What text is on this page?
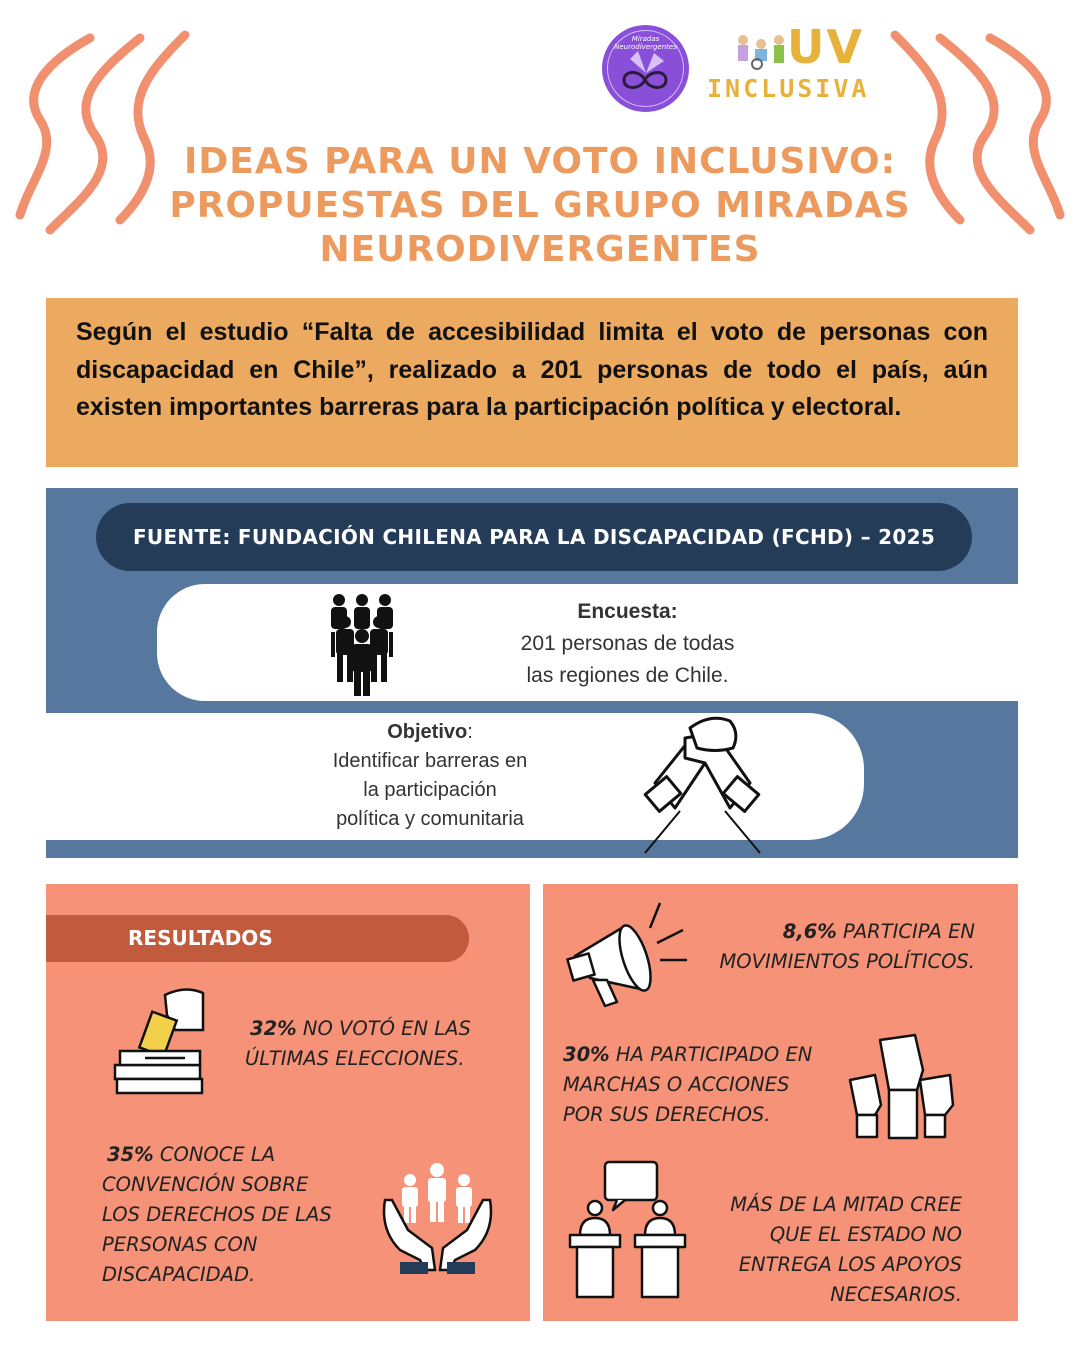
Miradas Neurodivergentes UV
INCLUSIVA
IDEAS PARA UN VOTO INCLUSIVO:
PROPUESTAS DEL GRUPO MIRADAS
NEURODIVERGENTES

Según el estudio “Falta de accesibilidad limita el voto de personas con discapacidad en Chile”, realizado a 201 personas de todo el país, aún existen importantes barreras para la participación política y electoral.

FUENTE: FUNDACIÓN CHILENA PARA LA DISCAPACIDAD (FCHD) – 2025
Encuesta:
201 personas de todas
las regiones de Chile.
Objetivo:
Identificar barreras en
la participación
política y comunitaria
RESULTADOS
32% NO VOTÓ EN LAS
ÚLTIMAS ELECCIONES.
35% CONOCE LA
CONVENCIÓN SOBRE
LOS DERECHOS DE LAS
PERSONAS CON
DISCAPACIDAD.
8,6% PARTICIPA EN
MOVIMIENTOS POLÍTICOS.
30% HA PARTICIPADO EN
MARCHAS O ACCIONES
POR SUS DERECHOS.
MÁS DE LA MITAD CREE
QUE EL ESTADO NO
ENTREGA LOS APOYOS
NECESARIOS.
